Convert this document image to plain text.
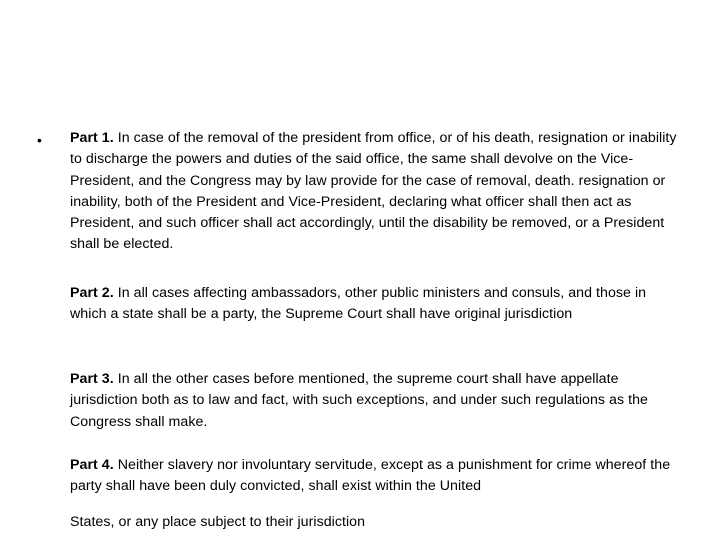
• Part 1. In case of the removal of the president from office, or of his death, resignation or inability to discharge the powers and duties of the said office, the same shall devolve on the Vice-President, and the Congress may by law provide for the case of removal, death. resignation or inability, both of the President and Vice-President, declaring what officer shall then act as President, and such officer shall act accordingly, until the disability be removed, or a President shall be elected.

Part 2. In all cases affecting ambassadors, other public ministers and consuls, and those in which a state shall be a party, the Supreme Court shall have original jurisdiction

Part 3. In all the other cases before mentioned, the supreme court shall have appellate jurisdiction both as to law and fact, with such exceptions, and under such regulations as the Congress shall make.

Part 4. Neither slavery nor involuntary servitude, except as a punishment for crime whereof the party shall have been duly convicted, shall exist within the United

States, or any place subject to their jurisdiction
